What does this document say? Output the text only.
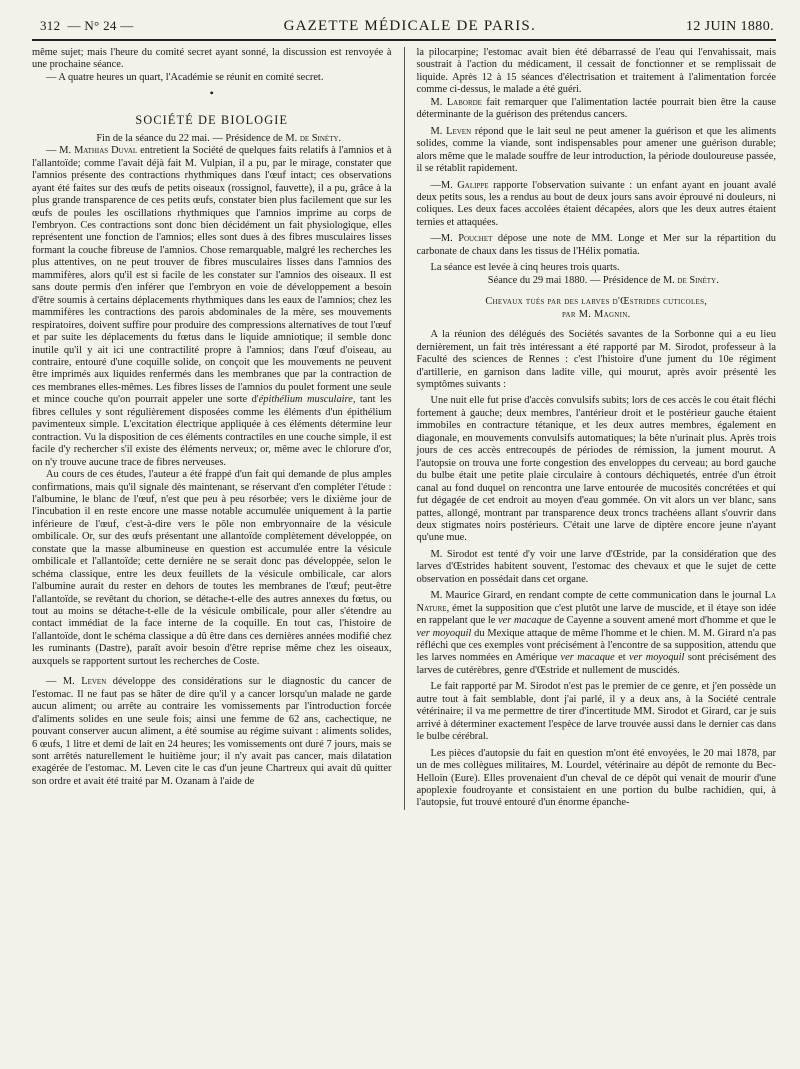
312 — N° 24 —	GAZETTE MÉDICALE DE PARIS.	12 JUIN 1880.

même sujet; mais l'heure du comité secret ayant sonné, la discussion est renvoyée à une prochaine séance.

— A quatre heures un quart, l'Académie se réunit en comité secret.

•
SOCIÉTÉ DE BIOLOGIE

Fin de la séance du 22 mai. — Présidence de M. de Sinéty.

— M. Mathias Duval entretient la Société de quelques faits relatifs à l'amnios et à l'allantoïde; comme l'avait déjà fait M. Vulpian, il a pu, par le mirage, constater que l'amnios présente des contractions rhythmiques dans l'œuf intact; ces observations ayant été faites sur des œufs de petits oiseaux (rossignol, fauvette), il a pu, grâce à la plus grande transparence de ces petits œufs, constater bien plus facilement que sur les œufs de poules les oscillations rhythmiques que l'amnios imprime au corps de l'embryon. Ces contractions sont donc bien décidément un fait physiologique, elles représentent une fonction de l'amnios; elles sont dues à des fibres musculaires lisses formant la couche fibreuse de l'amnios. Chose remarquable, malgré les recherches les plus attentives, on ne peut trouver de fibres musculaires lisses dans l'amnios des mammifères, alors qu'il est si facile de les constater sur l'amnios des oiseaux. Il est sans doute permis d'en inférer que l'embryon en voie de développement a besoin d'être soumis à certains déplacements rhythmiques dans les eaux de l'amnios; chez les mammifères les contractions des parois abdominales de la mère, ses mouvements respiratoires, doivent suffire pour produire des compressions alternatives de tout l'œuf et par suite les déplacements du fœtus dans le liquide amniotique; il semble donc inutile qu'il y ait ici une contractilité propre à l'amnios; dans l'œuf d'oiseau, au contraire, entouré d'une coquille solide, on conçoit que les mouvements ne peuvent être imprimés aux liquides renfermés dans les membranes que par la contraction de ces membranes elles-mêmes. Les fibres lisses de l'amnios du poulet forment une seule et mince couche qu'on pourrait appeler une sorte d'épithélium musculaire, tant les fibres cellules y sont régulièrement disposées comme les éléments d'un épithélium pavimenteux simple. L'excitation électrique appliquée à ces éléments détermine leur contraction. Vu la disposition de ces éléments contractiles en une couche simple, il est facile d'y rechercher s'il existe des éléments nerveux; or, même avec le chlorure d'or, on n'y trouve aucune trace de fibres nerveuses.

Au cours de ces études, l'auteur a été frappé d'un fait qui demande de plus amples confirmations, mais qu'il signale dès maintenant, se réservant d'en compléter l'étude : l'albumine, le blanc de l'œuf, n'est que peu à peu résorbée; vers le dixième jour de l'incubation il en reste encore une masse notable accumulée uniquement à la partie inférieure de l'œuf, c'est-à-dire vers le pôle non embryonnaire de la vésicule ombilicale. Or, sur des œufs présentant une allantoïde complètement développée, on constate que la masse albumineuse en question est accumulée entre la vésicule ombilicale et l'allantoïde; cette dernière ne se serait donc pas développée, selon le schéma classique, entre les deux feuillets de la vésicule ombilicale, car alors l'albumine aurait du rester en dehors de toutes les membranes de l'œuf; peut-être l'allantoïde, se revêtant du chorion, se détache-t-elle des autres annexes du fœtus, ou tout au moins se détache-t-elle de la vésicule ombilicale, pour aller s'étendre au contact immédiat de la face interne de la coquille. En tout cas, l'histoire de l'allantoïde, dont le schéma classique a dû être dans ces dernières années modifié chez les ruminants (Dastre), paraît avoir besoin d'être reprise même chez les oiseaux, auxquels se rapportent surtout les recherches de Coste.

— M. Leven développe des considérations sur le diagnostic du cancer de l'estomac. Il ne faut pas se hâter de dire qu'il y a cancer lorsqu'un malade ne garde aucun aliment; ou arrête au contraire les vomissements par l'introduction forcée d'aliments solides en une seule fois; ainsi une femme de 62 ans, cachectique, ne pouvant conserver aucun aliment, a été soumise au régime suivant : aliments solides, 6 œufs, 1 litre et demi de lait en 24 heures; les vomissements ont duré 7 jours, mais se sont arrêtés naturellement le huitième jour; il n'y avait pas cancer, mais dilatation exagérée de l'estomac. M. Leven cite le cas d'un jeune Chartreux qui avait dû quitter son ordre et avait été traité par M. Ozanam à l'aide de

la pilocarpine; l'estomac avait bien été débarrassé de l'eau qui l'envahissait, mais soustrait à l'action du médicament, il cessait de fonctionner et se remplissait de liquide. Après 12 à 15 séances d'électrisation et traitement à l'alimentation forcée comme ci-dessus, le malade a été guéri.

M. Laborde fait remarquer que l'alimentation lactée pourrait bien être la cause déterminante de la guérison des prétendus cancers.

M. Leven répond que le lait seul ne peut amener la guérison et que les aliments solides, comme la viande, sont indispensables pour amener une guérison durable; alors même que le malade souffre de leur introduction, la période douloureuse passée, il se rétablit rapidement.

—M. Galippe rapporte l'observation suivante : un enfant ayant en jouant avalé deux petits sous, les a rendus au bout de deux jours sans avoir éprouvé ni douleurs, ni coliques. Les deux faces accolées étaient décapées, alors que les deux autres étaient ternies et attaquées.

—M. Pouchet dépose une note de MM. Longe et Mer sur la répartition du carbonate de chaux dans les tissus de l'Hélix pomatia.

La séance est levée à cinq heures trois quarts.

Séance du 29 mai 1880. — Présidence de M. de Sinéty.

Chevaux tués par des larves d'Œstrides cuticoles,
par M. Magnin.

A la réunion des délégués des Sociétés savantes de la Sorbonne qui a eu lieu dernièrement, un fait très intéressant a été rapporté par M. Sirodot, professeur à la Faculté des sciences de Rennes : c'est l'histoire d'une jument du 10e régiment d'artillerie, en garnison dans ladite ville, qui mourut, après avoir présenté les symptômes suivants :

Une nuit elle fut prise d'accès convulsifs subits; lors de ces accès le cou était fléchi fortement à gauche; deux membres, l'antérieur droit et le postérieur gauche étaient immobiles en contracture tétanique, et les deux autres membres, également en diagonale, en mouvements convulsifs automatiques; la bête n'urinait plus. Après trois jours de ces accès entrecoupés de périodes de rémission, la jument mourut. A l'autopsie on trouva une forte congestion des enveloppes du cerveau; au bord gauche du bulbe était une petite plaie circulaire à contours déchiquetés, entrée d'un étroit canal au fond duquel on rencontra une larve entourée de mucosités concrétées et qui fut dégagée de cet endroit au moyen d'eau gommée. On vit alors un ver blanc, sans pattes, allongé, montrant par transparence deux troncs trachéens allant s'ouvrir dans deux stigmates noirs postérieurs. C'était une larve de diptère encore jeune n'ayant qu'une mue.

M. Sirodot est tenté d'y voir une larve d'Œstride, par la considération que des larves d'Œstrides habitent souvent, l'estomac des chevaux et que le sujet de cette observation en possédait dans cet organe.

M. Maurice Girard, en rendant compte de cette communication dans le journal La Nature, émet la supposition que c'est plutôt une larve de muscide, et il étaye son idée en rappelant que le ver macaque de Cayenne a souvent amené mort d'homme et que le ver moyoquil du Mexique attaque de même l'homme et le chien. M. M. Girard n'a pas réfléchi que ces exemples vont précisément à l'encontre de sa supposition, attendu que les larves nommées en Amérique ver macaque et ver moyoquil sont précisément des larves de cutérèbres, genre d'Œstride et nullement de muscidés.

Le fait rapporté par M. Sirodot n'est pas le premier de ce genre, et j'en possède un autre tout à fait semblable, dont j'ai parlé, il y a deux ans, à la Société centrale vétérinaire; il va me permettre de tirer d'incertitude MM. Sirodot et Girard, car je suis arrivé à déterminer exactement l'espèce de larve trouvée aussi dans le dernier cas dans le bulbe cérébral.

Les pièces d'autopsie du fait en question m'ont été envoyées, le 20 mai 1878, par un de mes collègues militaires, M. Lourdel, vétérinaire au dépôt de remonte du Bec-Helloin (Eure). Elles provenaient d'un cheval de ce dépôt qui venait de mourir d'une apoplexie foudroyante et consistaient en une portion du bulbe rachidien, qui, à l'autopsie, fut trouvé entouré d'un énorme épanche-
